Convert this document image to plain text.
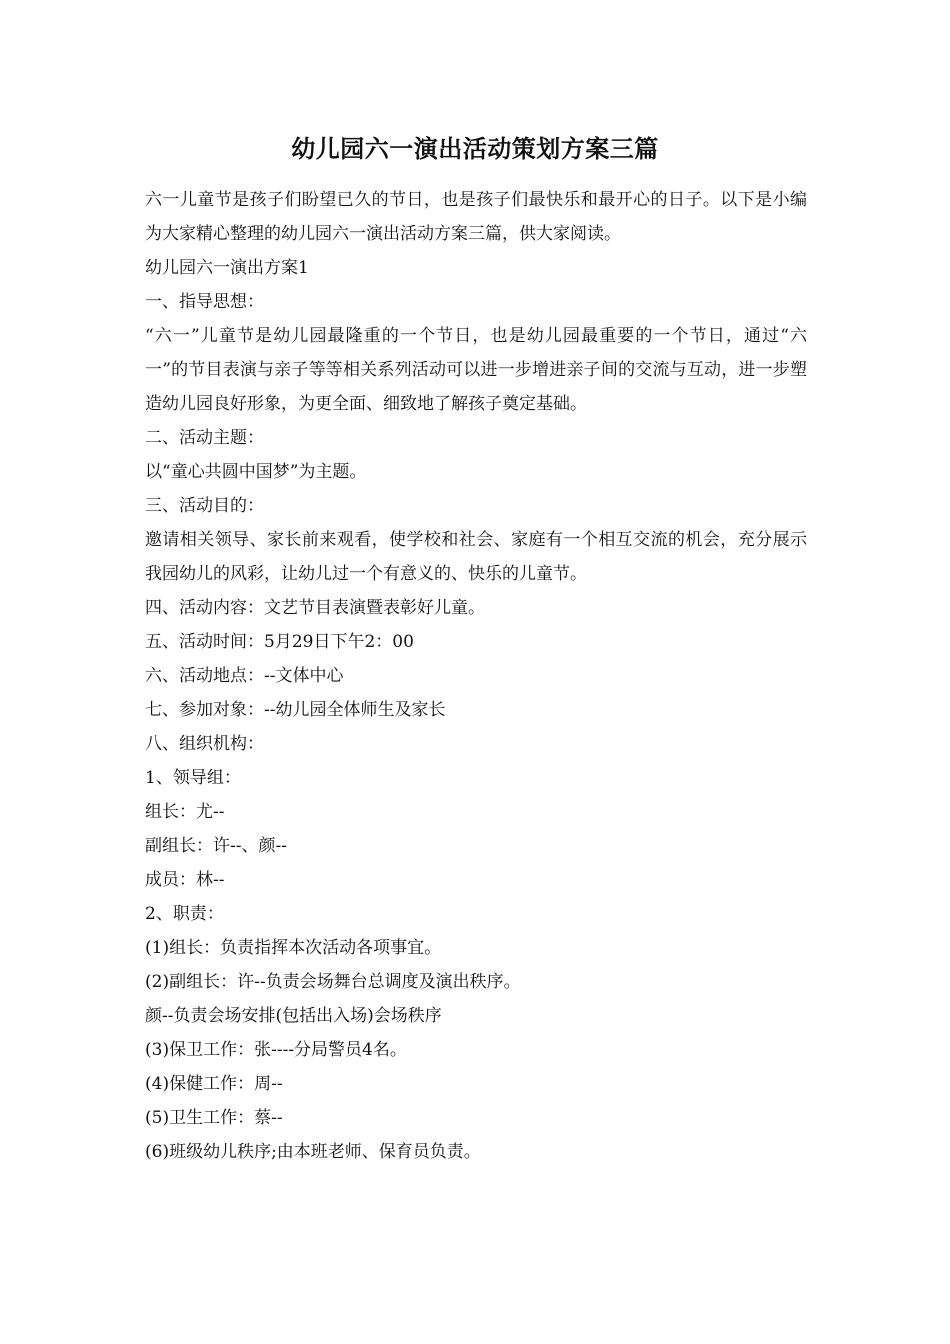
幼儿园六一演出活动策划方案三篇

六一儿童节是孩子们盼望已久的节日，也是孩子们最快乐和最开心的日子。以下是小编为大家精心整理的幼儿园六一演出活动方案三篇，供大家阅读。

幼儿园六一演出方案1

一、指导思想：

“六一”儿童节是幼儿园最隆重的一个节日，也是幼儿园最重要的一个节日，通过“六一”的节目表演与亲子等等相关系列活动可以进一步增进亲子间的交流与互动，进一步塑造幼儿园良好形象，为更全面、细致地了解孩子奠定基础。

二、活动主题：

以“童心共圆中国梦”为主题。

三、活动目的：

邀请相关领导、家长前来观看，使学校和社会、家庭有一个相互交流的机会，充分展示我园幼儿的风彩，让幼儿过一个有意义的、快乐的儿童节。

四、活动内容：文艺节目表演暨表彰好儿童。

五、活动时间：5月29日下午2：00

六、活动地点：--文体中心

七、参加对象：--幼儿园全体师生及家长

八、组织机构：

1、领导组：

组长：尤--

副组长：许--、颜--

成员：林--

2、职责：

(1)组长：负责指挥本次活动各项事宜。

(2)副组长：许--负责会场舞台总调度及演出秩序。

颜--负责会场安排(包括出入场)会场秩序

(3)保卫工作：张----分局警员4名。

(4)保健工作：周--

(5)卫生工作：蔡--

(6)班级幼儿秩序;由本班老师、保育员负责。
